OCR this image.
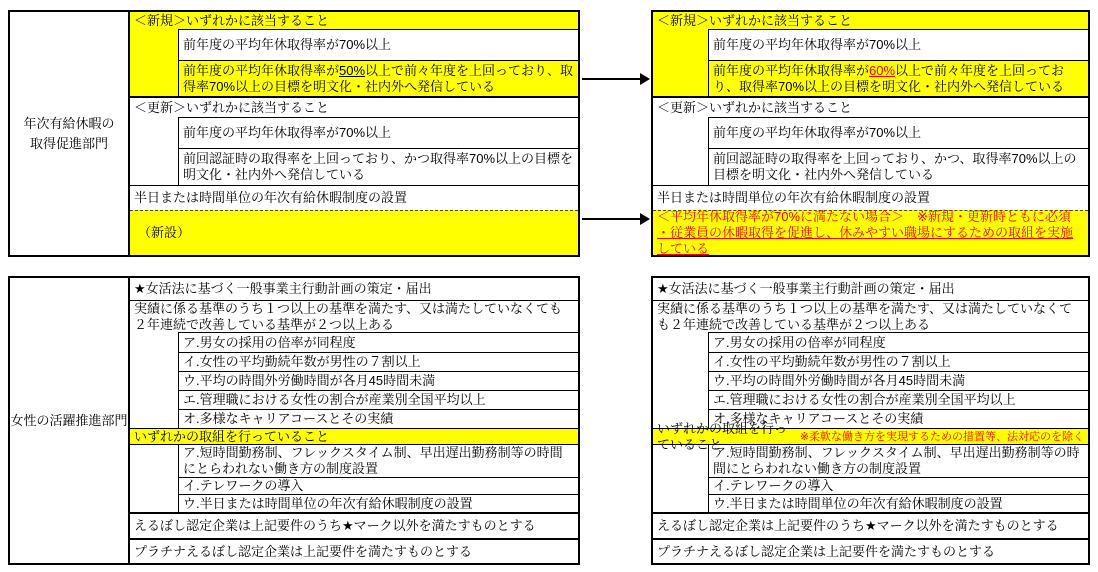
年次有給休暇の
取得促進部門
＜新規＞いずれかに該当すること
前年度の平均年休取得率が70%以上
前年度の平均年休取得率が50%以上で前々年度を上回っており、取得率70%以上の目標を明文化・社内外へ発信している
＜更新＞いずれかに該当すること
前年度の平均年休取得率が70%以上
前回認証時の取得率を上回っており、かつ取得率70%以上の目標を明文化・社内外へ発信している
半日または時間単位の年次有給休暇制度の設置
（新設）
＜新規＞いずれかに該当すること
前年度の平均年休取得率が70%以上
前年度の平均年休取得率が60%以上で前々年度を上回っており、取得率70%以上の目標を明文化・社内外へ発信している
＜更新＞いずれかに該当すること
前年度の平均年休取得率が70%以上
前回認証時の取得率を上回っており、かつ、取得率70%以上の目標を明文化・社内外へ発信している
半日または時間単位の年次有給休暇制度の設置
＜平均年休取得率が70%に満たない場合＞　※新規・更新時ともに必須
・従業員の休暇取得を促進し、休みやすい職場にするための取組を実施している
女性の活躍推進部門
★女活法に基づく一般事業主行動計画の策定・届出
実績に係る基準のうち１つ以上の基準を満たす、又は満たしていなくても２年連続で改善している基準が２つ以上ある
ア.男女の採用の倍率が同程度
イ.女性の平均勤続年数が男性の７割以上
ウ.平均の時間外労働時間が各月45時間未満
エ.管理職における女性の割合が産業別全国平均以上
オ.多様なキャリアコースとその実績
いずれかの取組を行っていること
ア.短時間勤務制、フレックスタイム制、早出遅出勤務制等の時間にとらわれない働き方の制度設置
イ.テレワークの導入
ウ.半日または時間単位の年次有給休暇制度の設置
えるぼし認定企業は上記要件のうち★マーク以外を満たすものとする
プラチナえるぼし認定企業は上記要件を満たすものとする
★女活法に基づく一般事業主行動計画の策定・届出
実績に係る基準のうち１つ以上の基準を満たす、又は満たしていなくても２年連続で改善している基準が２つ以上ある
ア.男女の採用の倍率が同程度
イ.女性の平均勤続年数が男性の７割以上
ウ.平均の時間外労働時間が各月45時間未満
エ.管理職における女性の割合が産業別全国平均以上
オ.多様なキャリアコースとその実績
いずれかの取組を行っていること	※柔軟な働き方を実現するための措置等、法対応のを除く
ア.短時間勤務制、フレックスタイム制、早出遅出勤務制等の時間にとらわれない働き方の制度設置
イ.テレワークの導入
ウ.半日または時間単位の年次有給休暇制度の設置
えるぼし認定企業は上記要件のうち★マーク以外を満たすものとする
プラチナえるぼし認定企業は上記要件を満たすものとする
